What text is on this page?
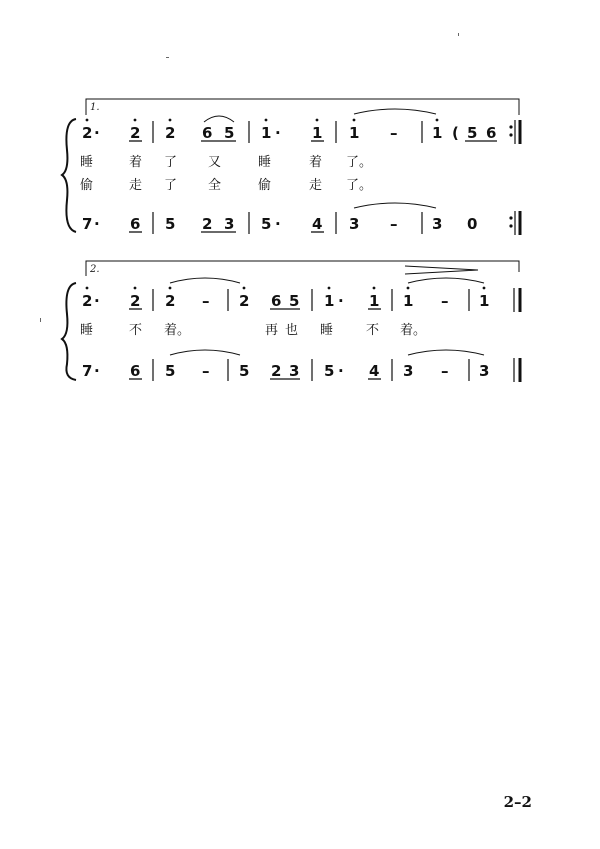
1.
2 · 2 2 6 5 1 · 1 1 – 1 ( 5 6
睡	着 了 又	睡	着 了。
偷	走 了 全	偷	走 了。
7 · 6 5 2 3 5 · 4 3 – 3 0
2.
2 · 2 2 – 2 6 5 1 · 1 1 – 1
睡	不 着。	再 也 睡	不 着。
7 · 6 5 – 5 2 3 5 · 4 3 – 3
2–2
